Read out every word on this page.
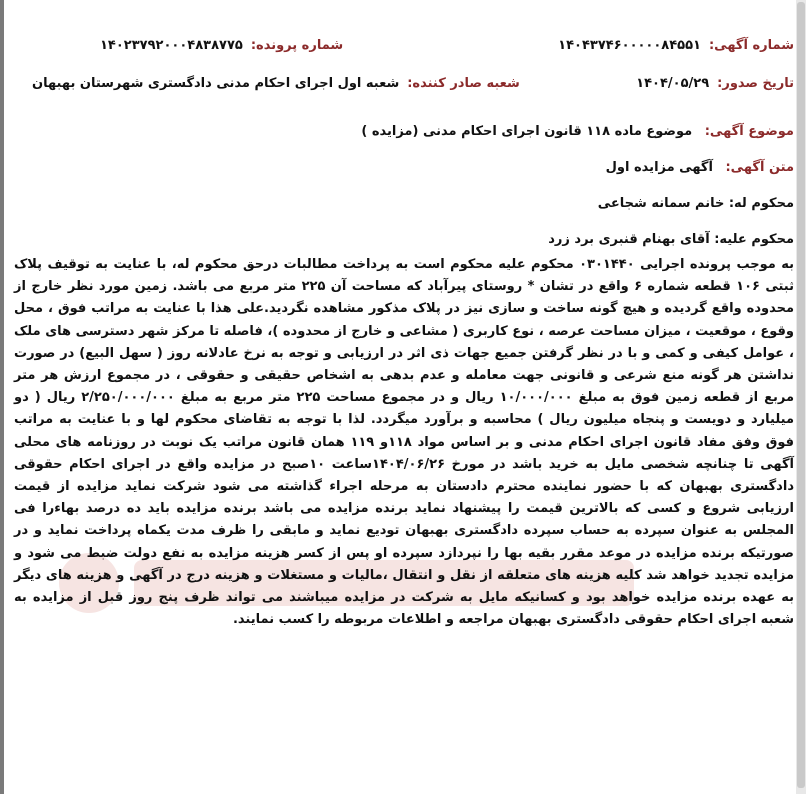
شماره آگهی:
۱۴۰۴۳۷۴۶۰۰۰۰۰۸۴۵۵۱
شماره پرونده:
۱۴۰۲۳۷۹۲۰۰۰۴۸۳۸۷۷۵
تاریخ صدور:
۱۴۰۴/۰۵/۲۹
شعبه صادر کننده:
شعبه اول اجرای احکام مدنی دادگستری شهرستان بهبهان
موضوع آگهی: موضوع ماده ۱۱۸ قانون اجرای احکام مدنی (مزایده )
متن آگهی: آگهی مزایده اول
محکوم له: خانم سمانه شجاعی
محکوم علیه: آقای بهنام قنبری برد زرد
به موجب پرونده اجرایی ۰۳۰۱۴۴۰ محکوم علیه محکوم است به پرداخت مطالبات درحق محکوم له، با عنایت به توقیف پلاک ثبتی ۱۰۶ قطعه شماره ۶ واقع در تشان * روستای پیرآباد که مساحت آن ۲۲۵ متر مربع می باشد. زمین مورد نظر خارج از محدوده واقع گردیده و هیچ گونه ساخت و سازی نیز در پلاک مذکور مشاهده نگردید.علی هذا با عنایت به مراتب فوق ، محل وقوع ، موقعیت ، میزان مساحت عرصه ، نوع کاربری ( مشاعی و خارج از محدوده )، فاصله تا مرکز شهر دسترسی های ملک ، عوامل کیفی و کمی و با در نظر گرفتن جمیع جهات ذی اثر در ارزیابی و توجه به نرخ عادلانه روز ( سهل البیع) در صورت نداشتن هر گونه منع شرعی و قانونی جهت معامله و عدم بدهی به اشخاص حقیقی و حقوقی ، در مجموع ارزش هر متر مربع از قطعه زمین فوق به مبلغ ۱۰/۰۰۰/۰۰۰ ریال و در مجموع مساحت ۲۲۵ متر مربع به مبلغ ۲/۲۵۰/۰۰۰/۰۰۰ ریال ( دو میلیارد و دویست و پنجاه میلیون ریال ) محاسبه و برآورد میگردد. لذا با توجه به تقاضای محکوم لها و با عنایت به مراتب فوق وفق مفاد قانون اجرای احکام مدنی و بر اساس مواد ۱۱۸و ۱۱۹ همان قانون مراتب یک نوبت در روزنامه های محلی آگهی تا چنانچه شخصی مایل به خرید باشد در مورخ ۱۴۰۴/۰۶/۲۶ساعت ۱۰صبح در مزایده واقع در اجرای احکام حقوقی دادگستری بهبهان که با حضور نماینده محترم دادستان به مرحله اجراء گذاشته می شود شرکت نماید مزایده از قیمت ارزیابی شروع و کسی که بالاترین قیمت را پیشنهاد نماید برنده مزایده می باشد برنده مزایده باید ده درصد بهاءرا فی المجلس به عنوان سپرده به حساب سپرده دادگستری بهبهان تودیع نماید و مابقی را ظرف مدت یکماه پرداخت نماید و در صورتیکه برنده مزایده در موعد مقرر بقیه بها را نپردازد سپرده او پس از کسر هزینه مزایده به نفع دولت ضبط می شود و مزایده تجدید خواهد شد کلیه هزینه های متعلقه از نقل و انتقال ،مالیات و مستغلات و هزینه درج در آگهی و هزینه های دیگر به عهده برنده مزایده خواهد بود و کسانیکه مایل به شرکت در مزایده میباشند می تواند ظرف پنج روز قبل از مزایده به شعبه اجرای احکام حقوقی دادگستری بهبهان مراجعه و اطلاعات مربوطه را کسب نمایند.
